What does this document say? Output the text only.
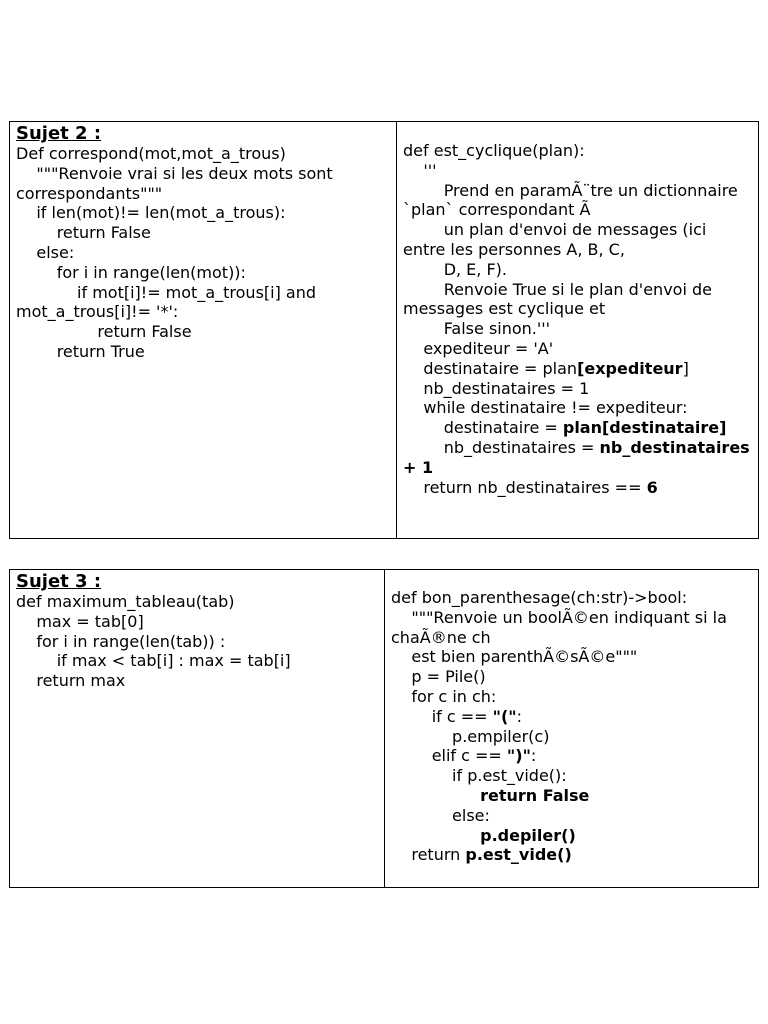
Sujet 2 :
Def correspond(mot,mot_a_trous)
"""Renvoie vrai si les deux mots sont correspondants"""
if len(mot)!= len(mot_a_trous):
return False
else:
for i in range(len(mot)):
if mot[i]!= mot_a_trous[i] and mot_a_trous[i]!= '*':
return False
return True
def est_cyclique(plan):
'''
Prend en paramÃ¨tre un dictionnaire `plan` correspondant Ã
un plan d'envoi de messages (ici entre les personnes A, B, C,
D, E, F).
Renvoie True si le plan d'envoi de messages est cyclique et
False sinon.'''
expediteur = 'A'
destinataire = plan[expediteur]
nb_destinataires = 1
while destinataire != expediteur:
destinataire = plan[destinataire]
nb_destinataires = nb_destinataires + 1
return nb_destinataires == 6
Sujet 3 :
def maximum_tableau(tab)
max = tab[0]
for i in range(len(tab)) :
if max < tab[i] : max = tab[i]
return max
def bon_parenthesage(ch:str)->bool:
"""Renvoie un boolÃ©en indiquant si la chaÃ®ne ch
est bien parenthÃ©sÃ©e"""
p = Pile()
for c in ch:
if c == "(":
p.empiler(c)
elif c == ")":
if p.est_vide():
return False
else:
p.depiler()
return p.est_vide()
